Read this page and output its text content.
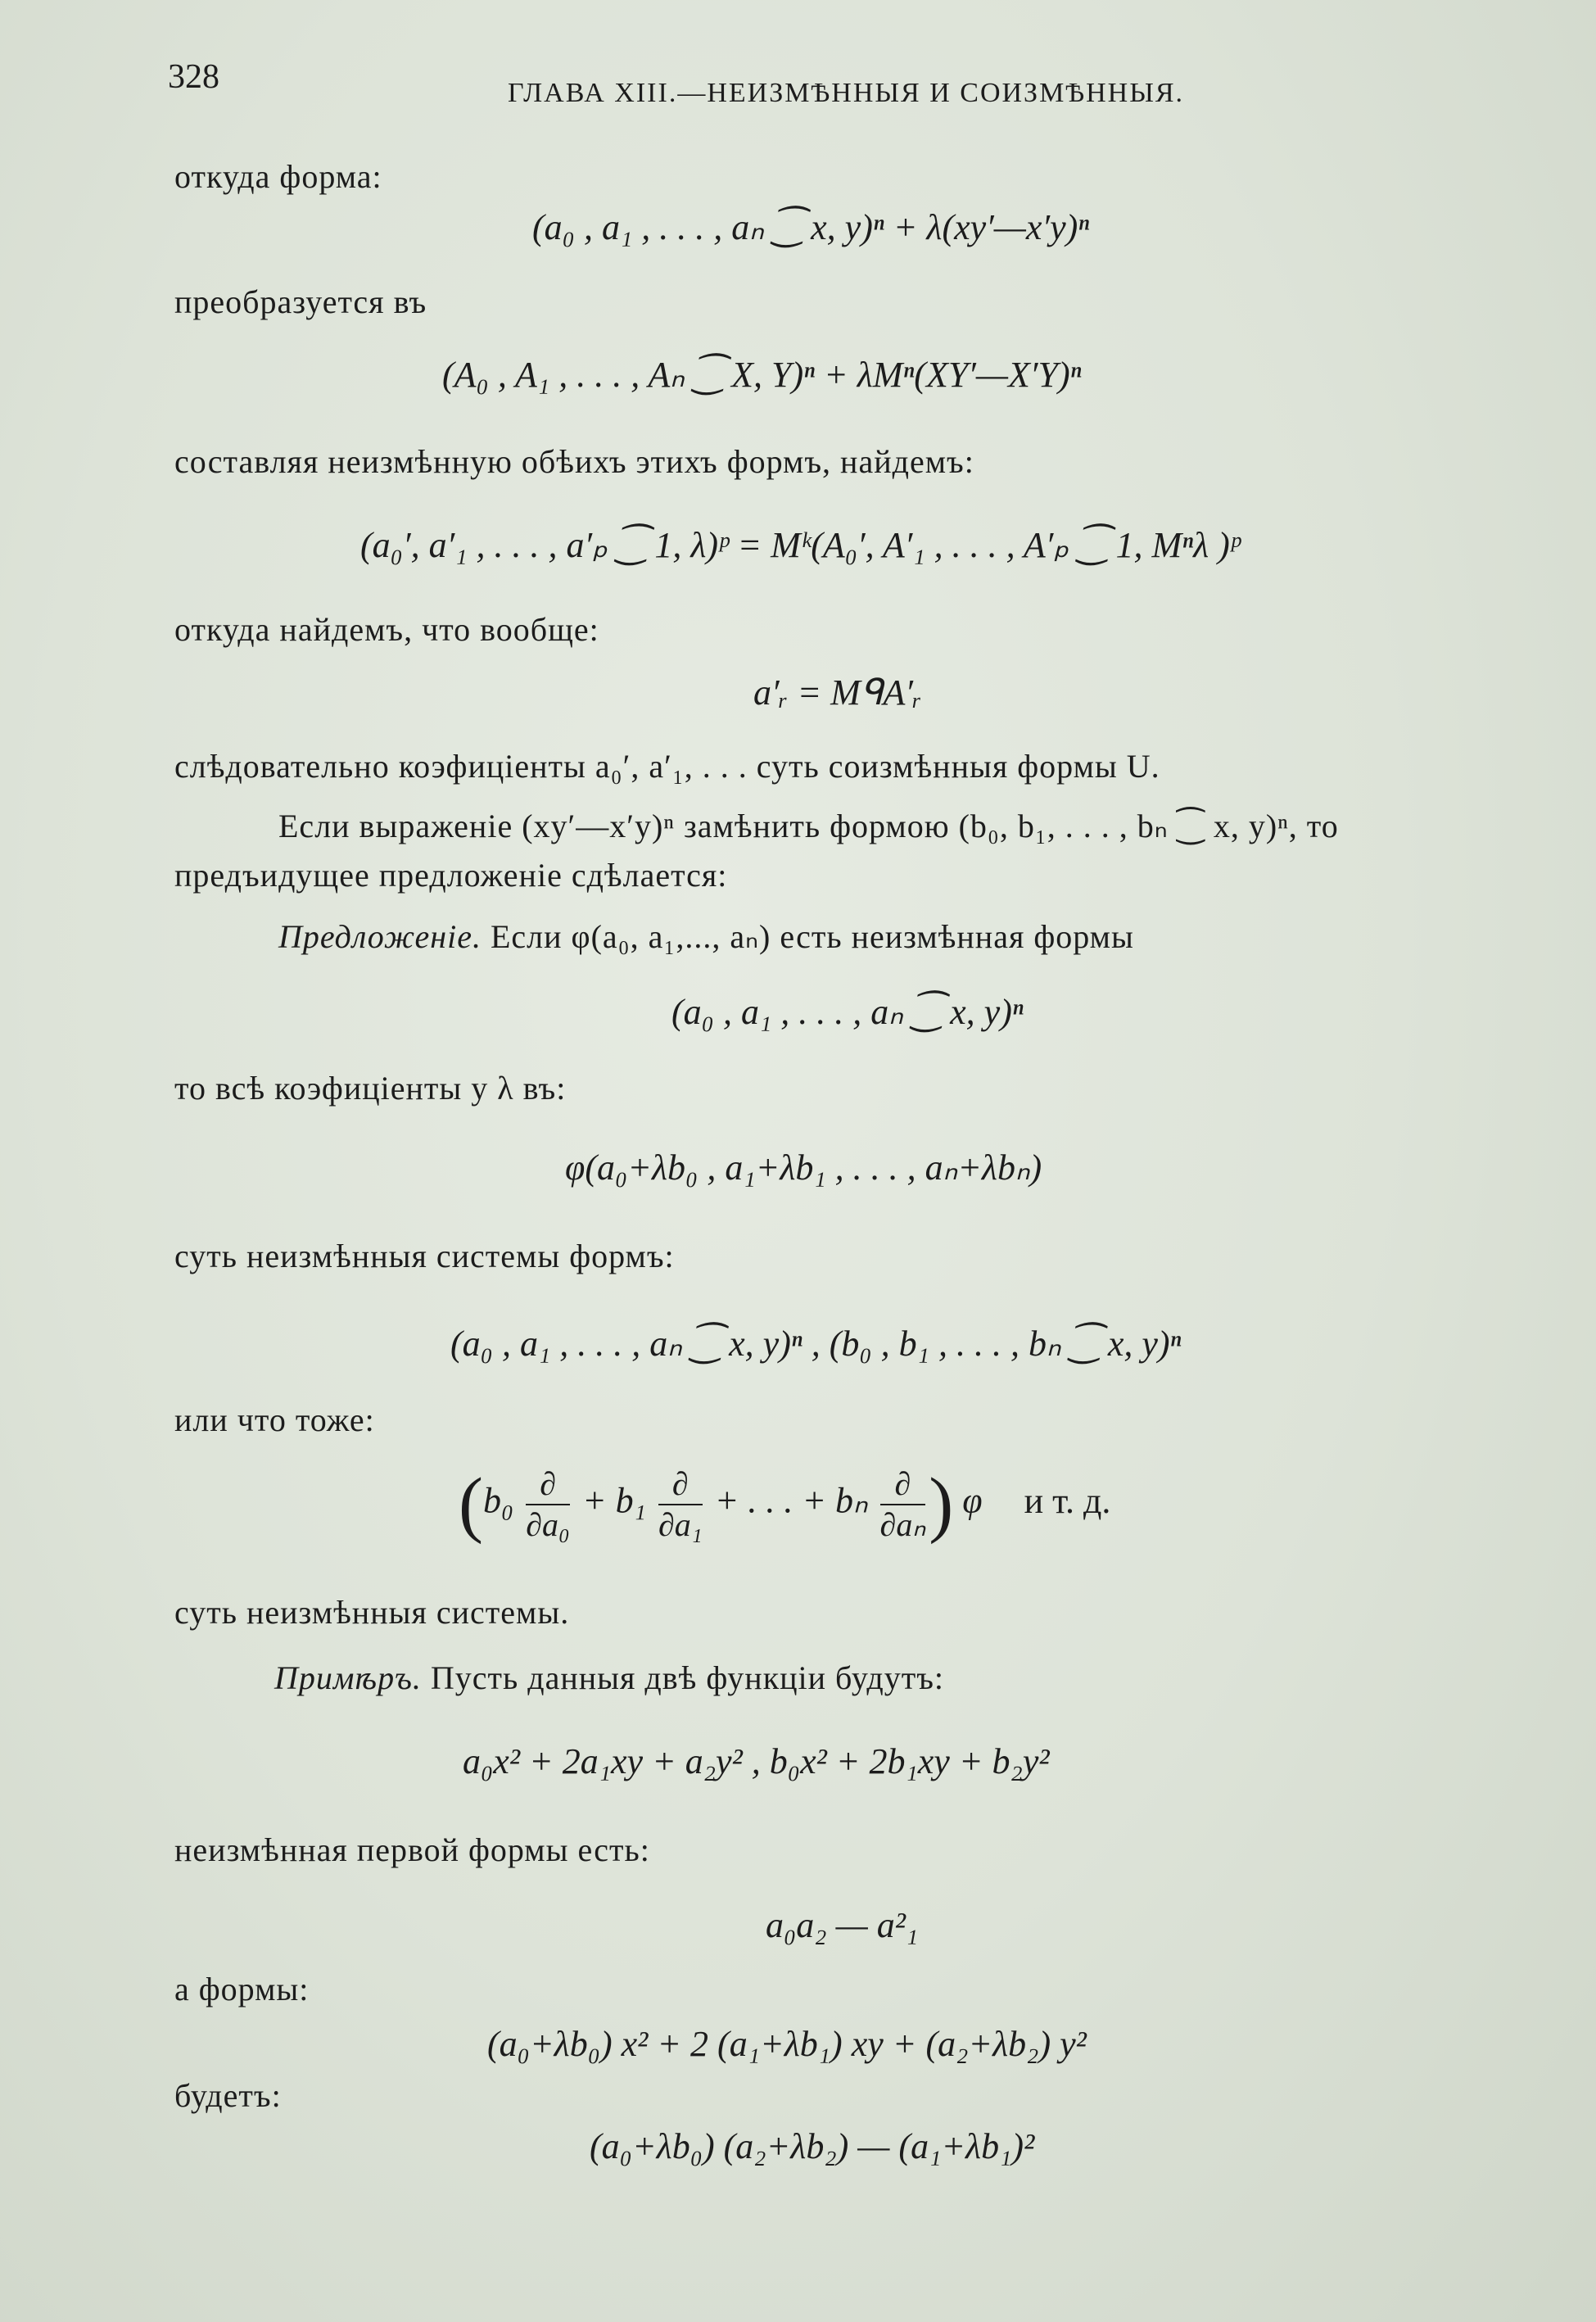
328	ГЛАВА XIII.—НЕИЗМѢННЫЯ И СОИЗМѢННЫЯ.
откуда форма:
(a₀ , a₁ , . . . , aₙ ⁐ x, y)ⁿ + λ(xy′—x′y)ⁿ
преобразуется въ
(A₀ , A₁ , . . . , Aₙ ⁐ X, Y)ⁿ + λMⁿ(XY′—X′Y)ⁿ
составляя неизмѣнную обѣихъ этихъ формъ, найдемъ:
(a₀′, a′₁ , . . . , a′ₚ ⁐ 1, λ)ᵖ = Mᵏ(A₀′, A′₁ , . . . , A′ₚ ⁐ 1, Mⁿλ )ᵖ
откуда найдемъ, что вообще:
a′ᵣ = MᑫA′ᵣ
слѣдовательно коэфиціенты a₀′, a′₁, . . . суть соизмѣнныя формы U.
Если выраженіе (xy′—x′y)ⁿ замѣнить формою (b₀, b₁, . . . , bₙ ⁐ x, y)ⁿ, то
предъидущее предложеніе сдѣлается:
Предложеніе. Если φ(a₀, a₁,..., aₙ) есть неизмѣнная формы
(a₀ , a₁ , . . . , aₙ ⁐ x, y)ⁿ
то всѣ коэфиціенты у λ въ:
φ(a₀+λb₀ , a₁+λb₁ , . . . , aₙ+λbₙ)
суть неизмѣнныя системы формъ:
(a₀ , a₁ , . . . , aₙ ⁐ x, y)ⁿ , (b₀ , b₁ , . . . , bₙ ⁐ x, y)ⁿ
или что тоже:
($b_0 \frac{\partial}{\text{∂a₀}} + b_1 \frac{\partial}{\text{∂a₁}}$ + . . . + bₙ $\frac{\partial}{\text{∂aₙ}}$ ) φ и т. д.
суть неизмѣнныя системы.
Примѣръ. Пусть данныя двѣ функціи будутъ:
a₀x² + 2a₁xy + a₂y² , b₀x² + 2b₁xy + b₂y²
неизмѣнная первой формы есть:
a₀a₂ — a²₁
а формы:
(a₀+λb₀) x² + 2 (a₁+λb₁) xy + (a₂+λb₂) y²
будетъ:
(a₀+λb₀) (a₂+λb₂) — (a₁+λb₁)²
